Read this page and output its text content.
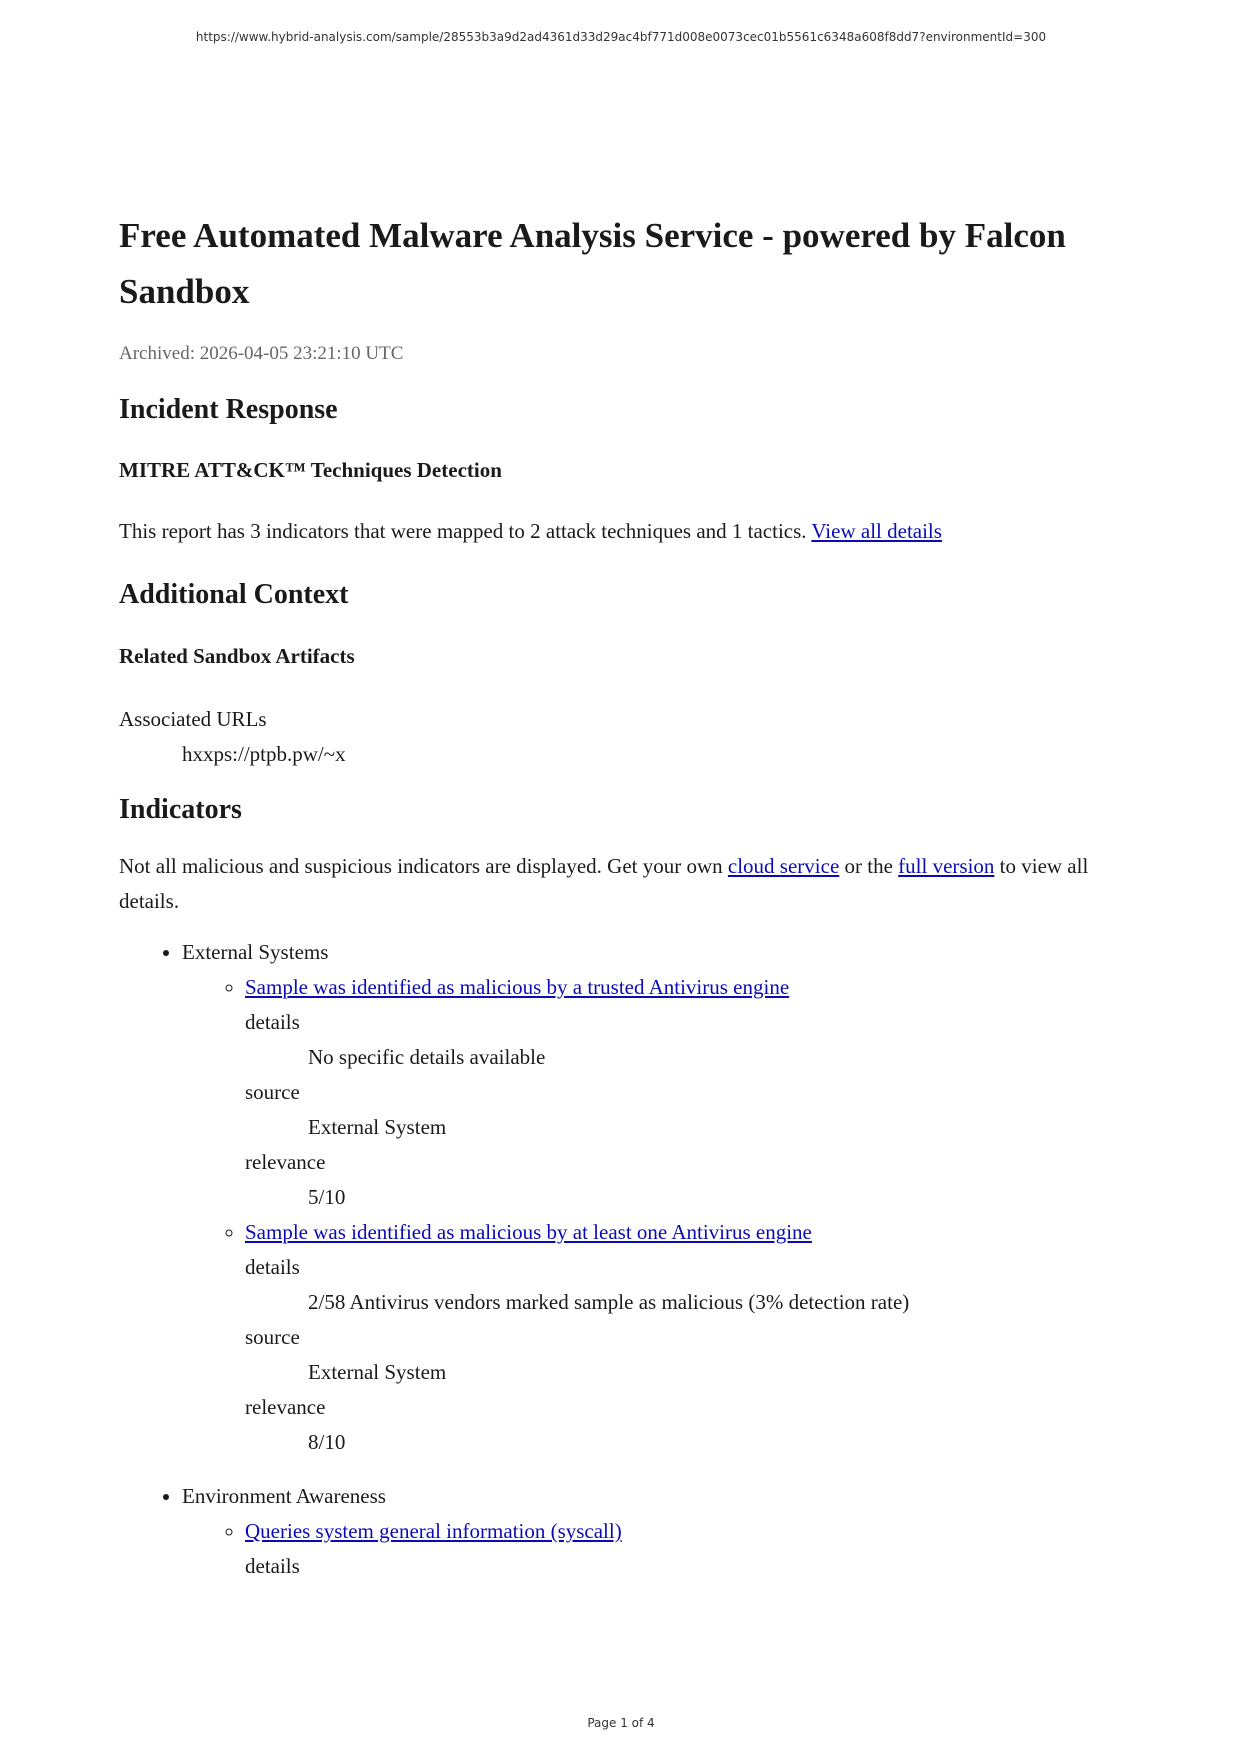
https://www.hybrid-analysis.com/sample/28553b3a9d2ad4361d33d29ac4bf771d008e0073cec01b5561c6348a608f8dd7?environmentId=300
Free Automated Malware Analysis Service - powered by Falcon Sandbox
Archived: 2026-04-05 23:21:10 UTC
Incident Response
MITRE ATT&CK™ Techniques Detection

This report has 3 indicators that were mapped to 2 attack techniques and 1 tactics. View all details

Additional Context
Related Sandbox Artifacts
Associated URLs
hxxps://ptpb.pw/~x
Indicators

Not all malicious and suspicious indicators are displayed. Get your own cloud service or the full version to view all details.

• External Systems
◦ Sample was identified as malicious by a trusted Antivirus engine
details
No specific details available
source
External System
relevance
5/10
◦ Sample was identified as malicious by at least one Antivirus engine
details
2/58 Antivirus vendors marked sample as malicious (3% detection rate)
source
External System
relevance
8/10
• Environment Awareness
◦ Queries system general information (syscall)
details
Page 1 of 4
